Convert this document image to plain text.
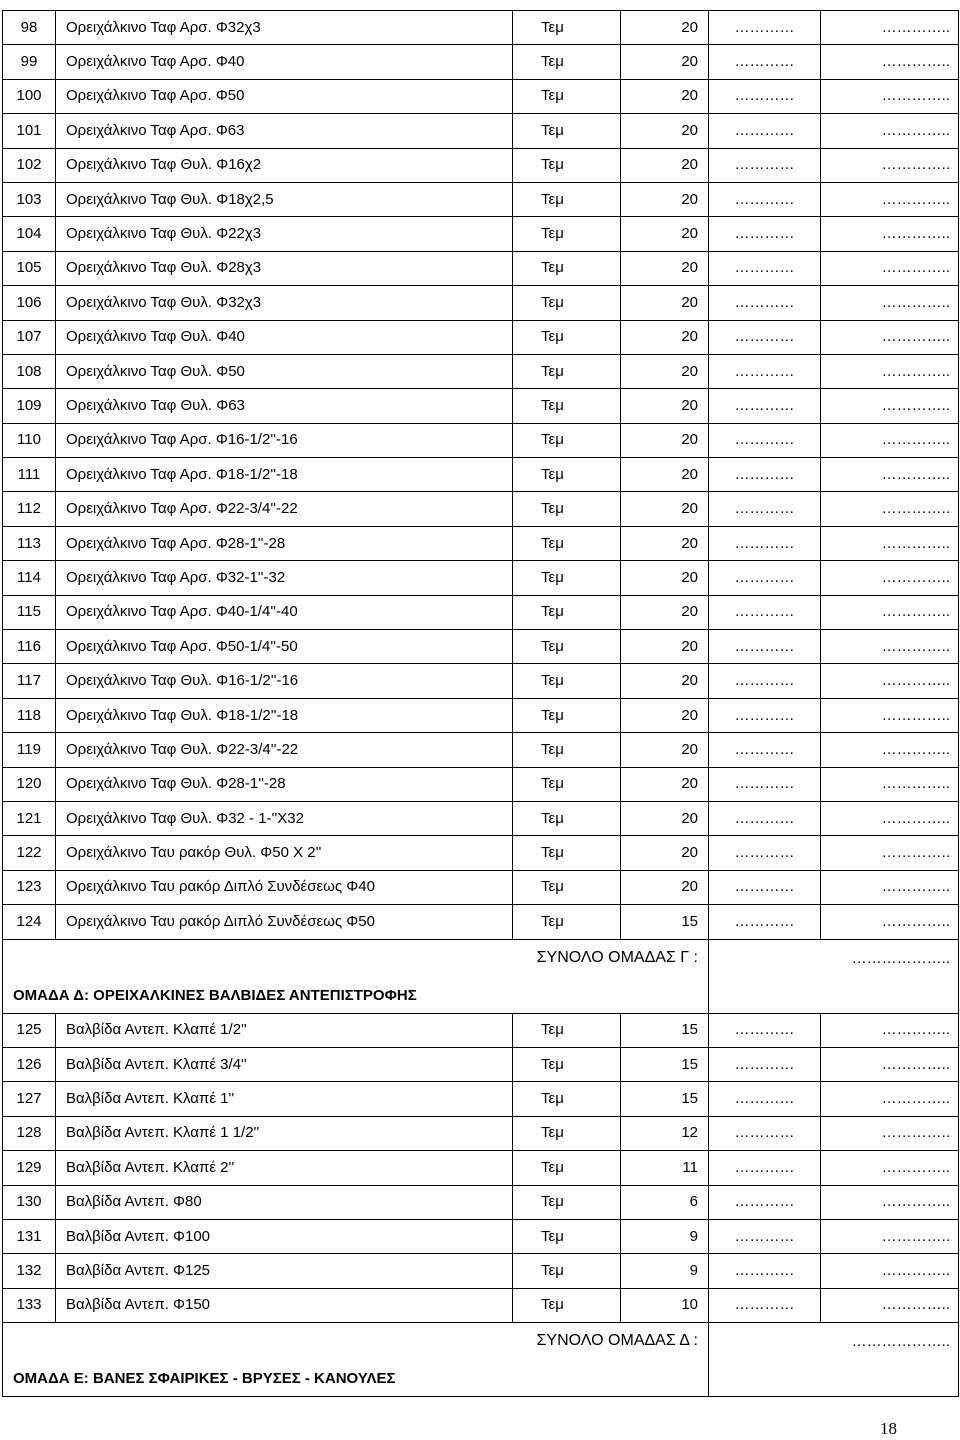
98	Ορειχάλκινο Ταφ Αρσ. Φ32χ3	Τεμ	20	…………	…………..
99	Ορειχάλκινο Ταφ Αρσ. Φ40	Τεμ	20	…………	…………..
100	Ορειχάλκινο Ταφ Αρσ. Φ50	Τεμ	20	…………	…………..
101	Ορειχάλκινο Ταφ Αρσ. Φ63	Τεμ	20	…………	…………..
102	Ορειχάλκινο Ταφ Θυλ. Φ16χ2	Τεμ	20	…………	…………..
103	Ορειχάλκινο Ταφ Θυλ. Φ18χ2,5	Τεμ	20	…………	…………..
104	Ορειχάλκινο Ταφ Θυλ. Φ22χ3	Τεμ	20	…………	…………..
105	Ορειχάλκινο Ταφ Θυλ. Φ28χ3	Τεμ	20	…………	…………..
106	Ορειχάλκινο Ταφ Θυλ. Φ32χ3	Τεμ	20	…………	…………..
107	Ορειχάλκινο Ταφ Θυλ. Φ40	Τεμ	20	…………	…………..
108	Ορειχάλκινο Ταφ Θυλ. Φ50	Τεμ	20	…………	…………..
109	Ορειχάλκινο Ταφ Θυλ. Φ63	Τεμ	20	…………	…………..
110	Ορειχάλκινο Ταφ Αρσ. Φ16-1/2''-16	Τεμ	20	…………	…………..
111	Ορειχάλκινο Ταφ Αρσ. Φ18-1/2''-18	Τεμ	20	…………	…………..
112	Ορειχάλκινο Ταφ Αρσ. Φ22-3/4''-22	Τεμ	20	…………	…………..
113	Ορειχάλκινο Ταφ Αρσ. Φ28-1''-28	Τεμ	20	…………	…………..
114	Ορειχάλκινο Ταφ Αρσ. Φ32-1''-32	Τεμ	20	…………	…………..
115	Ορειχάλκινο Ταφ Αρσ. Φ40-1/4''-40	Τεμ	20	…………	…………..
116	Ορειχάλκινο Ταφ Αρσ. Φ50-1/4''-50	Τεμ	20	…………	…………..
117	Ορειχάλκινο Ταφ Θυλ. Φ16-1/2''-16	Τεμ	20	…………	…………..
118	Ορειχάλκινο Ταφ Θυλ. Φ18-1/2''-18	Τεμ	20	…………	…………..
119	Ορειχάλκινο Ταφ Θυλ. Φ22-3/4''-22	Τεμ	20	…………	…………..
120	Ορειχάλκινο Ταφ Θυλ. Φ28-1''-28	Τεμ	20	…………	…………..
121	Ορειχάλκινο Ταφ Θυλ. Φ32 - 1-''Χ32	Τεμ	20	…………	…………..
122	Ορειχάλκινο Ταυ ρακόρ Θυλ. Φ50 Χ 2''	Τεμ	20	…………	…………..
123	Ορειχάλκινο Ταυ ρακόρ Διπλό Συνδέσεως Φ40	Τεμ	20	…………	…………..
124	Ορειχάλκινο Ταυ ρακόρ Διπλό Συνδέσεως Φ50	Τεμ	15	…………	…………..
		ΣΥΝΟΛΟ ΟΜΑΔΑΣ Γ :		………………..	
ΟΜΑΔΑ Δ: ΟΡΕΙΧΑΛΚΙΝΕΣ ΒΑΛΒΙΔΕΣ ΑΝΤΕΠΙΣΤΡΟΦΗΣ					
125	Βαλβίδα Αντεπ. Κλαπέ 1/2''	Τεμ	15	…………	…………..
126	Βαλβίδα Αντεπ. Κλαπέ 3/4''	Τεμ	15	…………	…………..
127	Βαλβίδα Αντεπ. Κλαπέ 1''	Τεμ	15	…………	…………..
128	Βαλβίδα Αντεπ. Κλαπέ 1 1/2''	Τεμ	12	…………	…………..
129	Βαλβίδα Αντεπ. Κλαπέ 2''	Τεμ	11	…………	…………..
130	Βαλβίδα Αντεπ. Φ80	Τεμ	6	…………	…………..
131	Βαλβίδα Αντεπ. Φ100	Τεμ	9	…………	…………..
132	Βαλβίδα Αντεπ. Φ125	Τεμ	9	…………	…………..
133	Βαλβίδα Αντεπ. Φ150	Τεμ	10	…………	…………..
		ΣΥΝΟΛΟ ΟΜΑΔΑΣ Δ :		………………..	
ΟΜΑΔΑ Ε: ΒΑΝΕΣ ΣΦΑΙΡΙΚΕΣ - ΒΡΥΣΕΣ - ΚΑΝΟΥΛΕΣ					
18
